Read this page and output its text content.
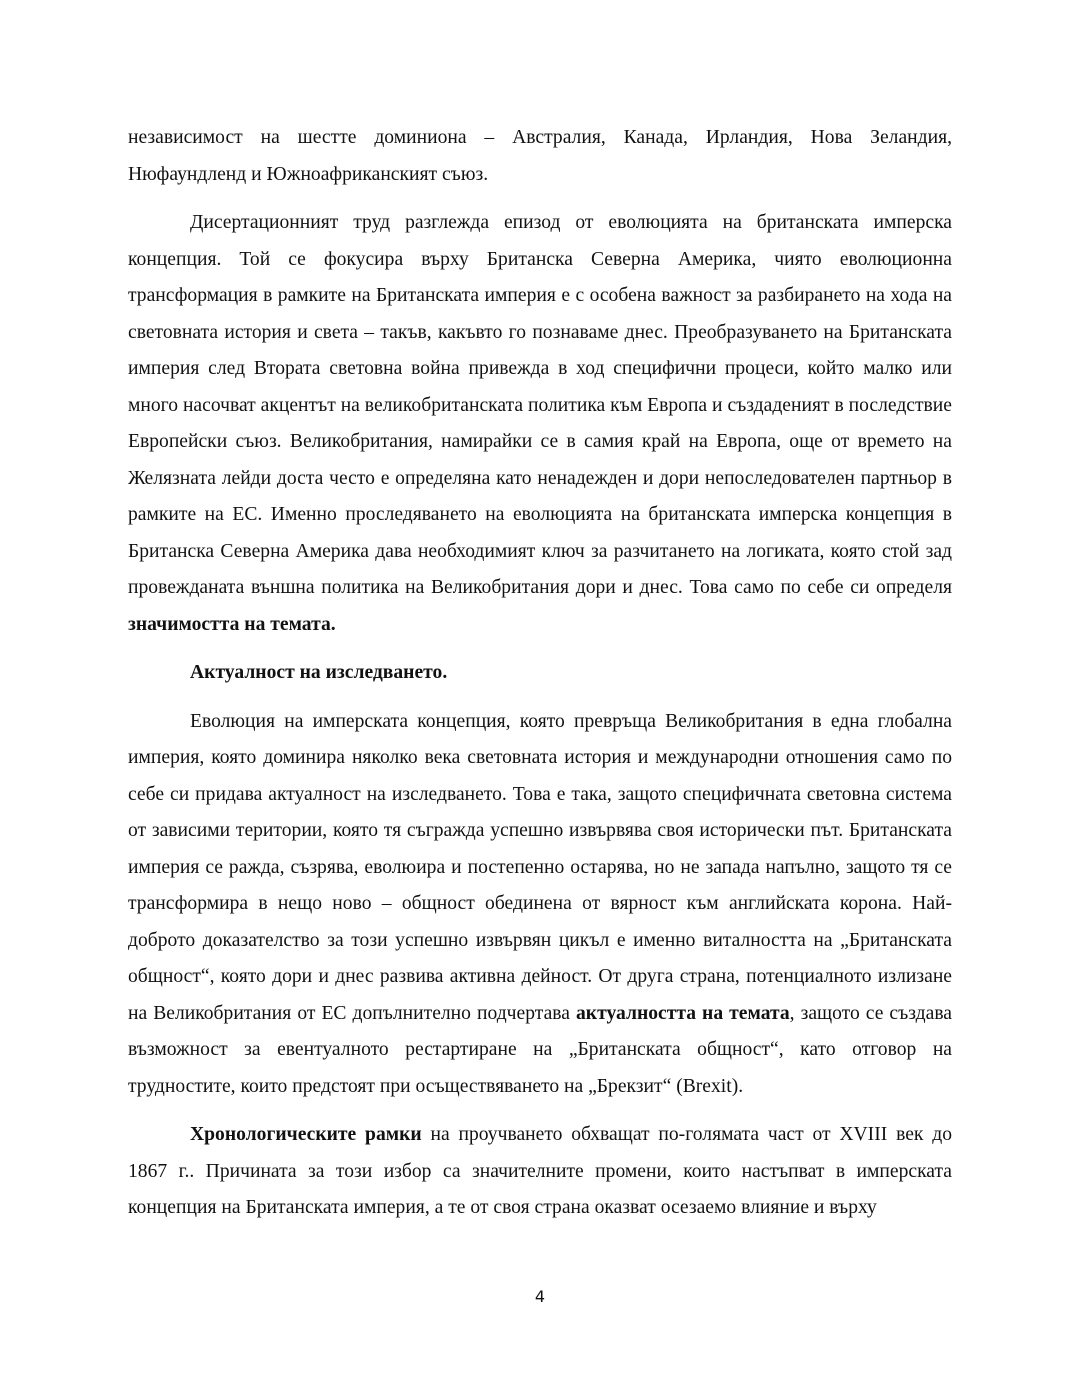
независимост на шестте доминиона – Австралия, Канада, Ирландия, Нова Зеландия, Нюфаундленд и Южноафриканският съюз.

Дисертационният труд разглежда епизод от еволюцията на британската имперска концепция. Той се фокусира върху Британска Северна Америка, чиято еволюционна трансформация в рамките на Британската империя е с особена важност за разбирането на хода на световната история и света – такъв, какъвто го познаваме днес. Преобразуването на Британската империя след Втората световна война привежда в ход специфични процеси, който малко или много насочват акцентът на великобританската политика към Европа и създаденият в последствие Европейски съюз. Великобритания, намирайки се в самия край на Европа, още от времето на Желязната лейди доста често е определяна като ненадежден и дори непоследователен партньор в рамките на ЕС. Именно проследяването на еволюцията на британската имперска концепция в Британска Северна Америка дава необходимият ключ за разчитането на логиката, която стой зад провежданата външна политика на Великобритания дори и днес. Това само по себе си определя значимостта на темата.

Актуалност на изследването.

Еволюция на имперската концепция, която превръща Великобритания в една глобална империя, която доминира няколко века световната история и международни отношения само по себе си придава актуалност на изследването. Това е така, защото специфичната световна система от зависими територии, която тя съгражда успешно извървява своя исторически път. Британската империя се ражда, съзрява, еволюира и постепенно остарява, но не запада напълно, защото тя се трансформира в нещо ново – общност обединена от вярност към английската корона. Най-доброто доказателство за този успешно извървян цикъл е именно виталността на „Британската общност“, която дори и днес развива активна дейност. От друга страна, потенциалното излизане на Великобритания от ЕС допълнително подчертава актуалността на темата, защото се създава възможност за евентуалното рестартиране на „Британската общност“, като отговор на трудностите, които предстоят при осъществяването на „Брекзит“ (Brexit).

Хронологическите рамки на проучването обхващат по-голямата част от XVIII век до 1867 г.. Причината за този избор са значителните промени, които настъпват в имперската концепция на Британската империя, а те от своя страна оказват осезаемо влияние и върху

4
